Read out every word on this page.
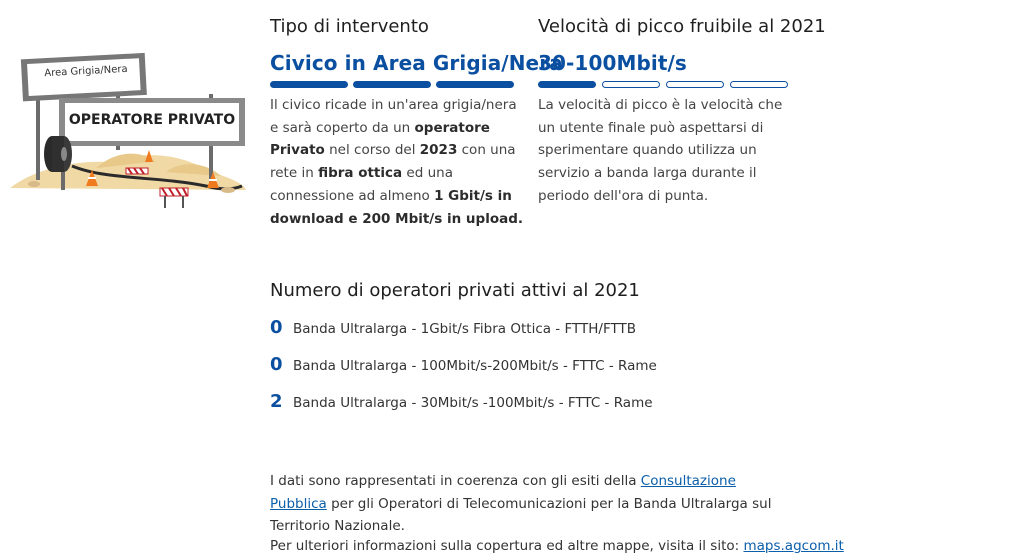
Area Grigia/Nera
OPERATORE PRIVATO
Tipo di intervento
Civico in Area Grigia/Nera
Il civico ricade in un'area grigia/nera e sarà coperto da un operatore Privato nel corso del 2023 con una rete in fibra ottica ed una connessione ad almeno 1 Gbit/s in download e 200 Mbit/s in upload.
Velocità di picco fruibile al 2021
30-100Mbit/s
La velocità di picco è la velocità che un utente finale può aspettarsi di sperimentare quando utilizza un servizio a banda larga durante il periodo dell'ora di punta.
Numero di operatori privati attivi al 2021
0 Banda Ultralarga - 1Gbit/s Fibra Ottica - FTTH/FTTB
0 Banda Ultralarga - 100Mbit/s-200Mbit/s - FTTC - Rame
2 Banda Ultralarga - 30Mbit/s -100Mbit/s - FTTC - Rame
I dati sono rappresentati in coerenza con gli esiti della Consultazione Pubblica per gli Operatori di Telecomunicazioni per la Banda Ultralarga sul Territorio Nazionale.
Per ulteriori informazioni sulla copertura ed altre mappe, visita il sito: maps.agcom.it
